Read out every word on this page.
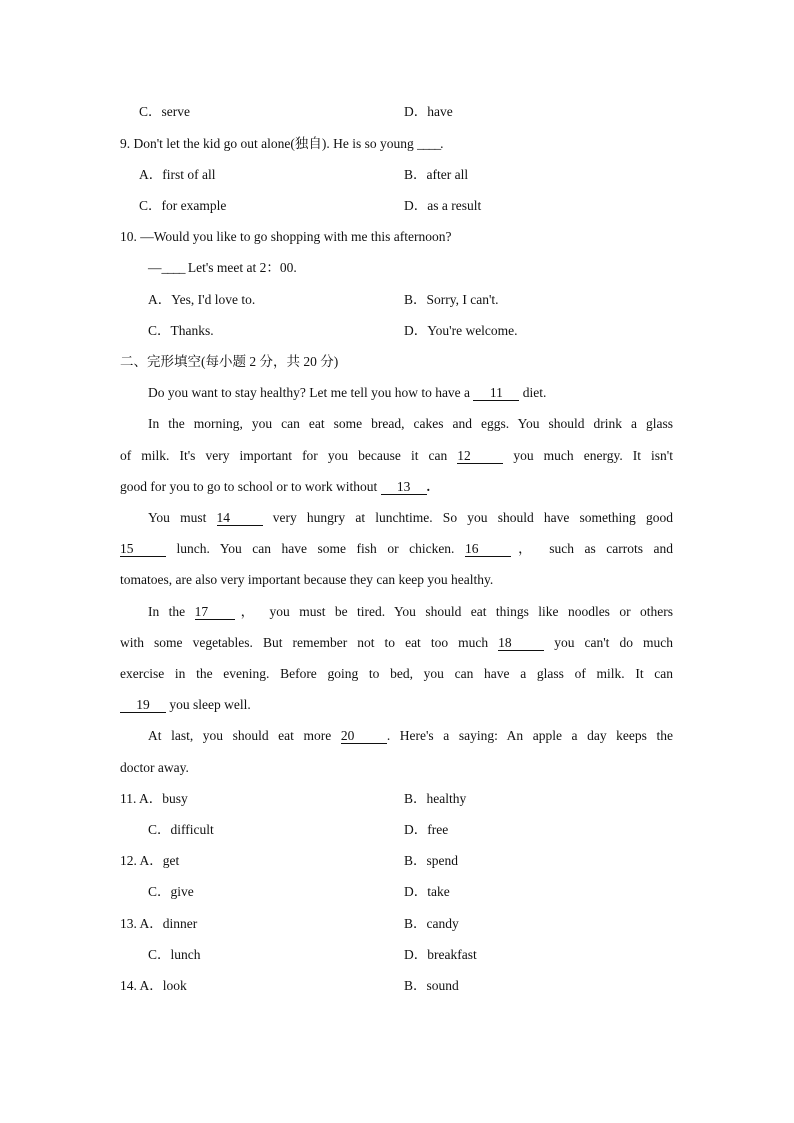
C．serve	D．have
9. Don't let the kid go out alone(独自). He is so young ____.
A．first of all	B．after all
C．for example	D．as a result
10. —Would you like to go shopping with me this afternoon?
—____ Let's meet at 2：00.
A．Yes, I'd love to.	B．Sorry, I can't.
C．Thanks.	D．You're welcome.
二、完形填空(每小题 2 分，共 20 分)
Do you want to stay healthy? Let me tell you how to have a 11 diet.
In the morning, you can eat some bread, cakes and eggs. You should drink a glass
of milk. It's very important for you because it can 12 you much energy. It isn't
good for you to go to school or to work without 13 .
You must 14 very hungry at lunchtime. So you should have something good
15 lunch. You can have some fish or chicken. 16 ， such as carrots and
tomatoes, are also very important because they can keep you healthy.
In the 17 ， you must be tired. You should eat things like noodles or others
with some vegetables. But remember not to eat too much 18 you can't do much
exercise in the evening. Before going to bed, you can have a glass of milk. It can
19 you sleep well.
At last, you should eat more 20 . Here's a saying: An apple a day keeps the
doctor away.
11. A．busy	B．healthy
C．difficult	D．free
12. A．get	B．spend
C．give	D．take
13. A．dinner	B．candy
C．lunch	D．breakfast
14. A．look	B．sound
